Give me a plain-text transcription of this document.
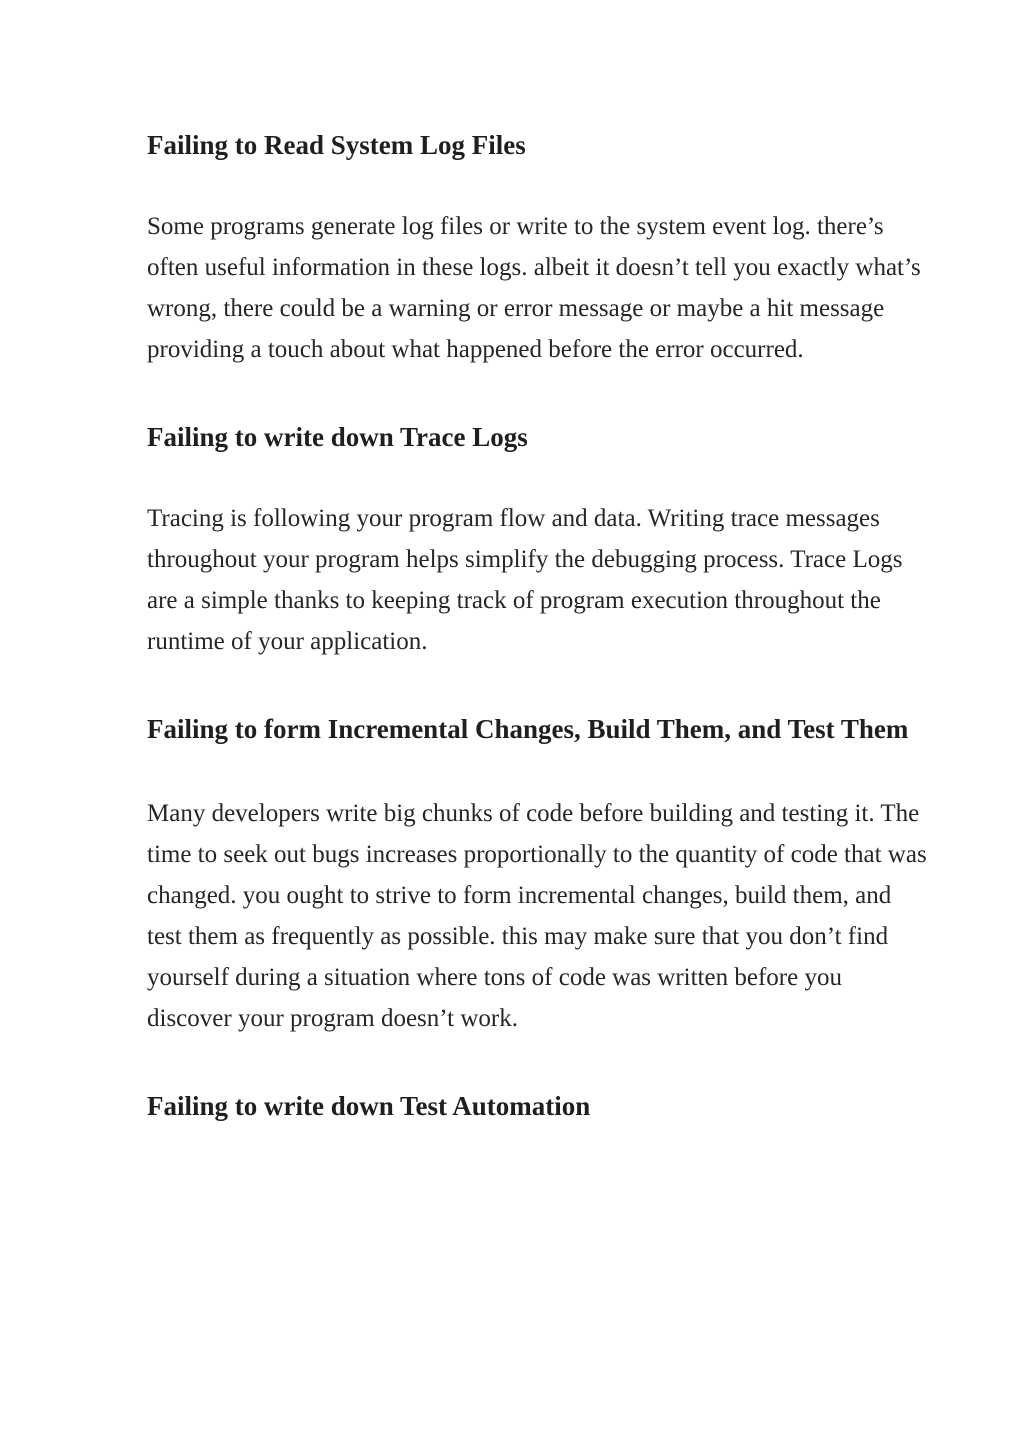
Failing to Read System Log Files

Some programs generate log files or write to the system event log. there’s often useful information in these logs. albeit it doesn’t tell you exactly what’s wrong, there could be a warning or error message or maybe a hit message providing a touch about what happened before the error occurred.

Failing to write down Trace Logs

Tracing is following your program flow and data. Writing trace messages throughout your program helps simplify the debugging process. Trace Logs are a simple thanks to keeping track of program execution throughout the runtime of your application.

Failing to form Incremental Changes, Build Them, and Test Them

Many developers write big chunks of code before building and testing it. The time to seek out bugs increases proportionally to the quantity of code that was changed. you ought to strive to form incremental changes, build them, and test them as frequently as possible. this may make sure that you don’t find yourself during a situation where tons of code was written before you discover your program doesn’t work.

Failing to write down Test Automation
